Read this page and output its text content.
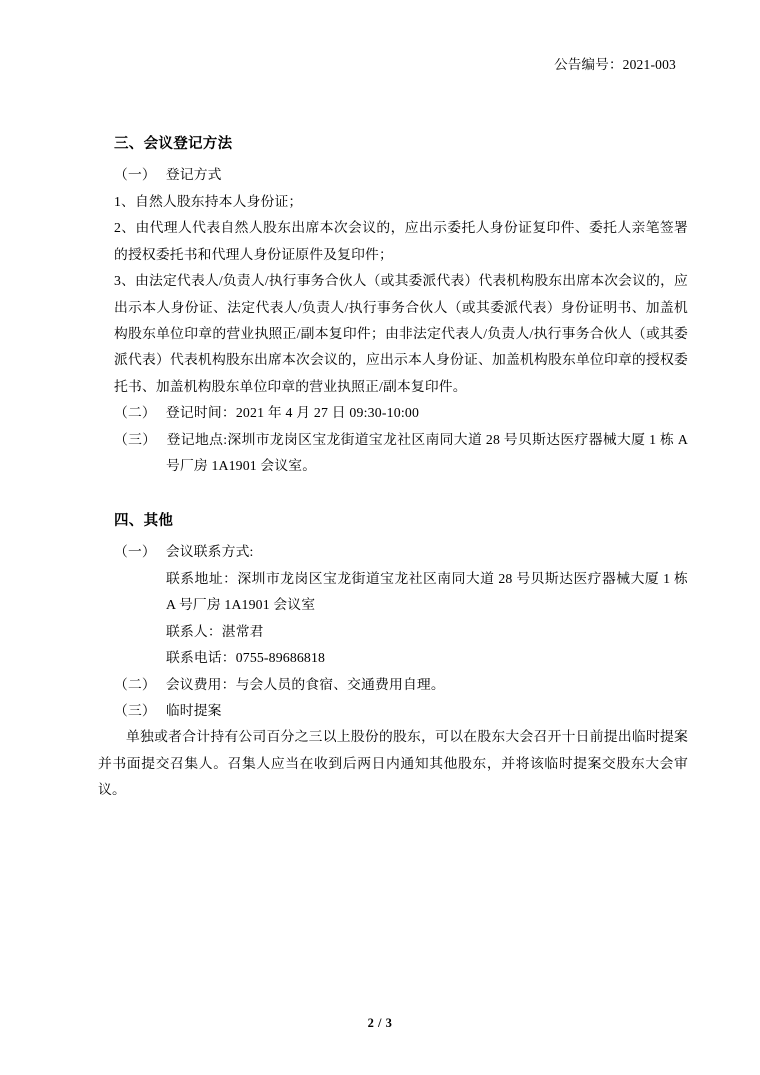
公告编号：2021-003
三、会议登记方法

（一） 登记方式

1、自然人股东持本人身份证；

2、由代理人代表自然人股东出席本次会议的，应出示委托人身份证复印件、委托人亲笔签署的授权委托书和代理人身份证原件及复印件；

3、由法定代表人/负责人/执行事务合伙人（或其委派代表）代表机构股东出席本次会议的，应出示本人身份证、法定代表人/负责人/执行事务合伙人（或其委派代表）身份证明书、加盖机构股东单位印章的营业执照正/副本复印件；由非法定代表人/负责人/执行事务合伙人（或其委派代表）代表机构股东出席本次会议的，应出示本人身份证、加盖机构股东单位印章的授权委托书、加盖机构股东单位印章的营业执照正/副本复印件。

（二） 登记时间：2021 年 4 月 27 日 09:30-10:00

（三） 登记地点:深圳市龙岗区宝龙街道宝龙社区南同大道 28 号贝斯达医疗器械大厦 1 栋 A 号厂房 1A1901 会议室。

四、其他

（一） 会议联系方式:

联系地址：深圳市龙岗区宝龙街道宝龙社区南同大道 28 号贝斯达医疗器械大厦 1 栋 A 号厂房 1A1901 会议室

联系人：湛常君

联系电话：0755-89686818

（二） 会议费用：与会人员的食宿、交通费用自理。

（三） 临时提案

单独或者合计持有公司百分之三以上股份的股东，可以在股东大会召开十日前提出临时提案并书面提交召集人。召集人应当在收到后两日内通知其他股东，并将该临时提案交股东大会审议。

2 / 3
